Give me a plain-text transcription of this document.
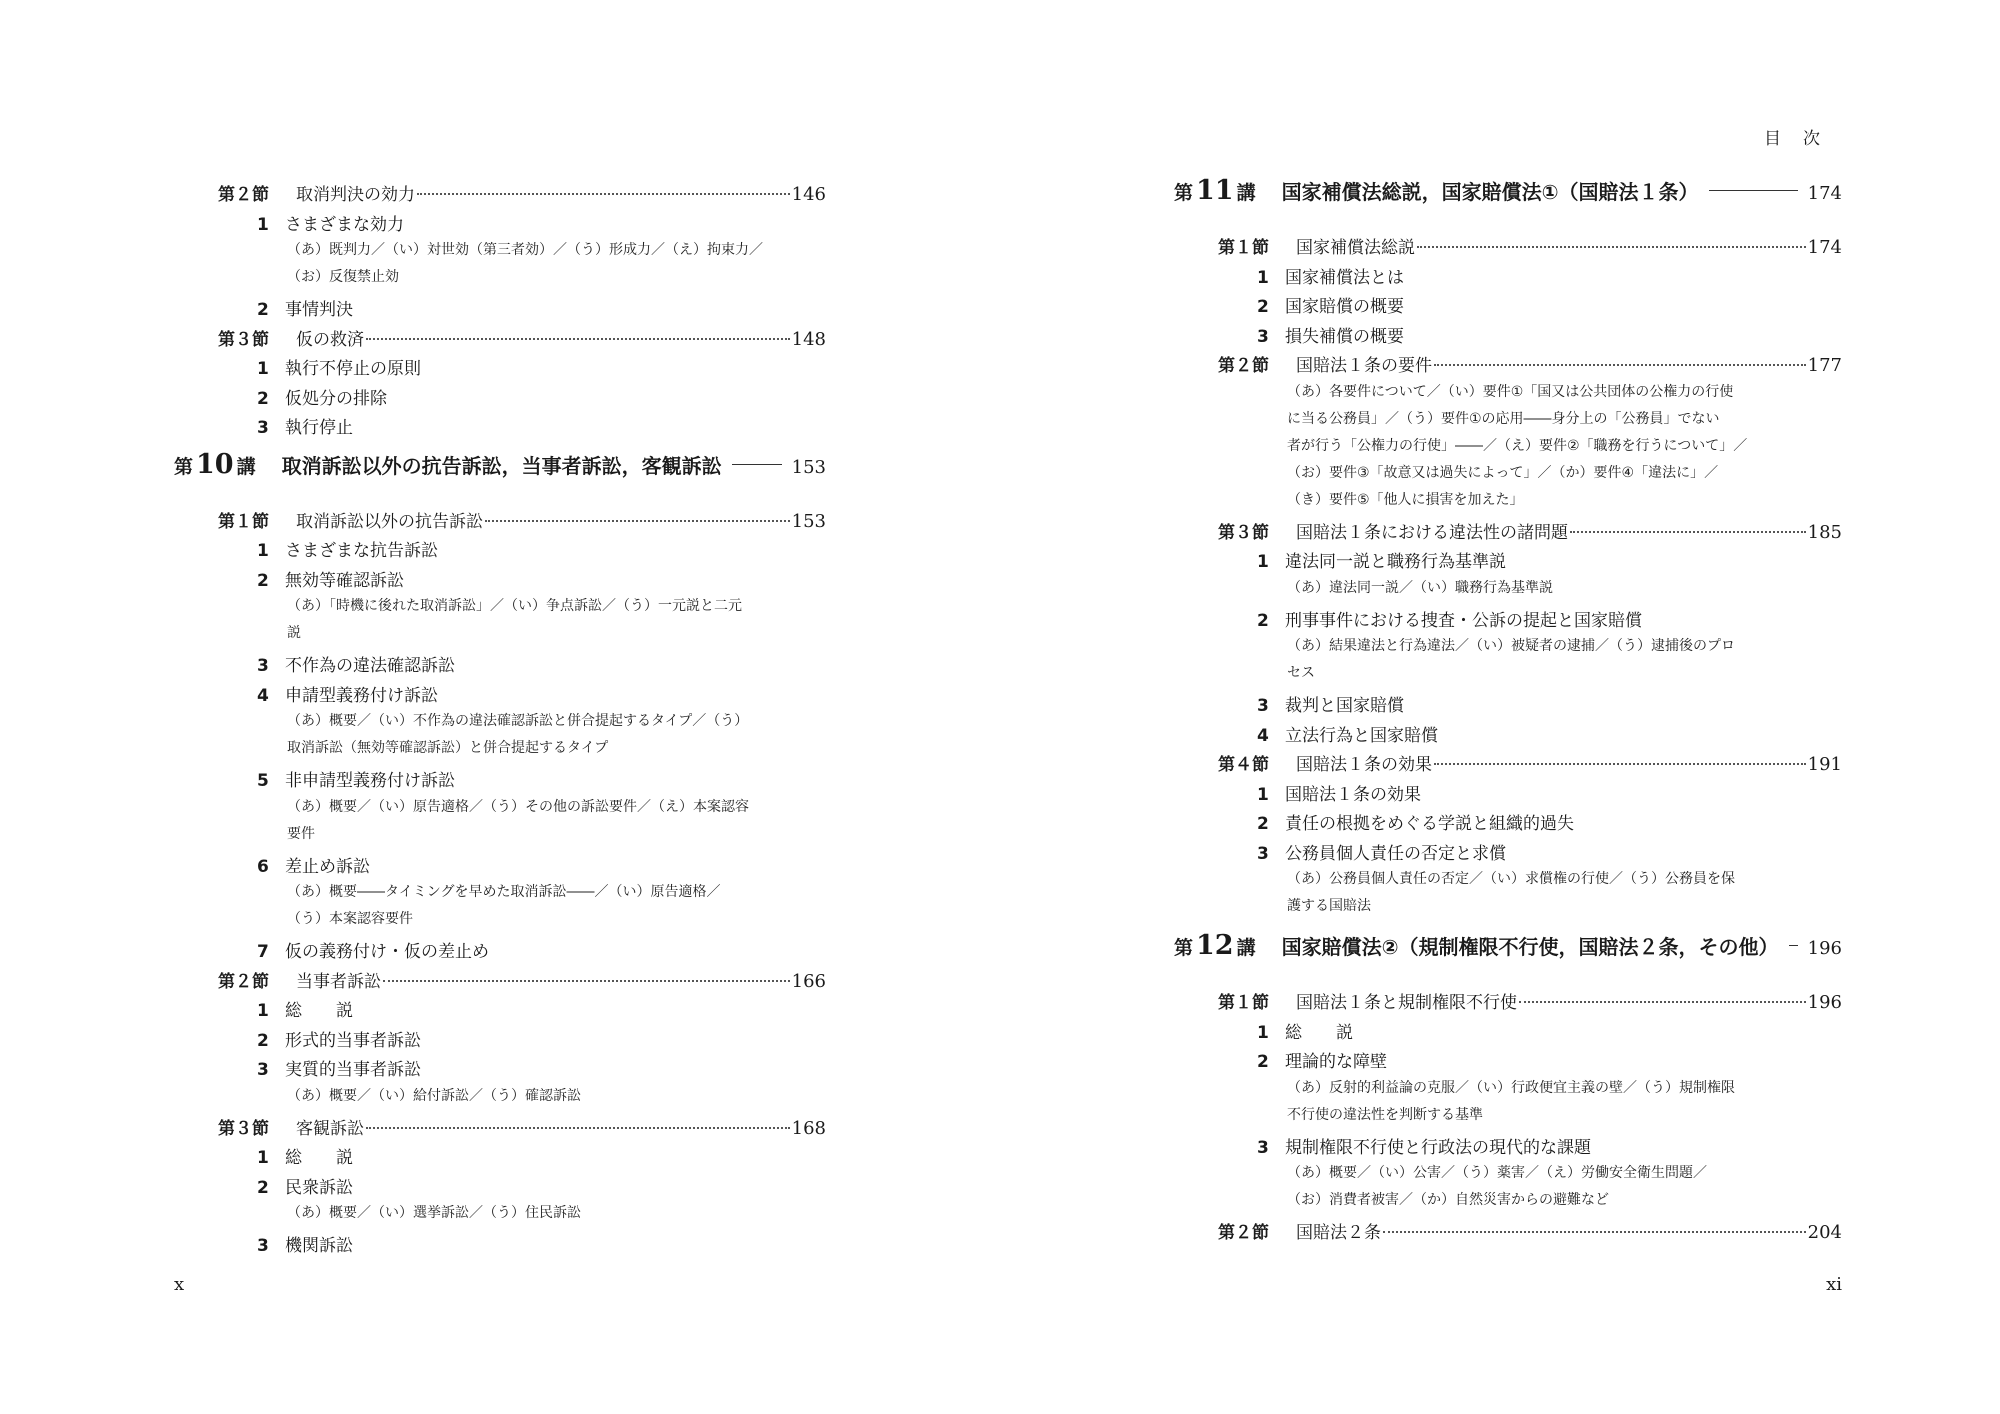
第２節	取消判決の効力	146
1 さまざまな効力
（あ）既判力／（い）対世効（第三者効）／（う）形成力／（え）拘束力／
（お）反復禁止効
2 事情判決
第３節	仮の救済	148
1 執行不停止の原則
2 仮処分の排除
3 執行停止
第 10 講 取消訴訟以外の抗告訴訟，当事者訴訟，客観訴訟	153
第１節	取消訴訟以外の抗告訴訟	153
1 さまざまな抗告訴訟
2 無効等確認訴訟
（あ）「時機に後れた取消訴訟」／（い）争点訴訟／（う）一元説と二元
説
3 不作為の違法確認訴訟
4 申請型義務付け訴訟
（あ）概要／（い）不作為の違法確認訴訟と併合提起するタイプ／（う）
取消訴訟（無効等確認訴訟）と併合提起するタイプ
5 非申請型義務付け訴訟
（あ）概要／（い）原告適格／（う）その他の訴訟要件／（え）本案認容
要件
6 差止め訴訟
（あ）概要――タイミングを早めた取消訴訟――／（い）原告適格／
（う）本案認容要件
7 仮の義務付け・仮の差止め
第２節	当事者訴訟	166
1 総　　説
2 形式的当事者訴訟
3 実質的当事者訴訟
（あ）概要／（い）給付訴訟／（う）確認訴訟
第３節	客観訴訟	168
1 総　　説
2 民衆訴訟
（あ）概要／（い）選挙訴訟／（う）住民訴訟
3 機関訴訟
x
目次
第 11 講 国家補償法総説，国家賠償法①（国賠法１条）	174
第１節	国家補償法総説	174
1 国家補償法とは
2 国家賠償の概要
3 損失補償の概要
第２節	国賠法１条の要件	177
（あ）各要件について／（い）要件①「国又は公共団体の公権力の行使
に当る公務員」／（う）要件①の応用――身分上の「公務員」でない
者が行う「公権力の行使」――／（え）要件②「職務を行うについて」／
（お）要件③「故意又は過失によって」／（か）要件④「違法に」／
（き）要件⑤「他人に損害を加えた」
第３節	国賠法１条における違法性の諸問題	185
1 違法同一説と職務行為基準説
（あ）違法同一説／（い）職務行為基準説
2 刑事事件における捜査・公訴の提起と国家賠償
（あ）結果違法と行為違法／（い）被疑者の逮捕／（う）逮捕後のプロ
セス
3 裁判と国家賠償
4 立法行為と国家賠償
第４節	国賠法１条の効果	191
1 国賠法１条の効果
2 責任の根拠をめぐる学説と組織的過失
3 公務員個人責任の否定と求償
（あ）公務員個人責任の否定／（い）求償権の行使／（う）公務員を保
護する国賠法
第 12 講 国家賠償法②（規制権限不行使，国賠法２条，その他） 196
第１節	国賠法１条と規制権限不行使	196
1 総　　説
2 理論的な障壁
（あ）反射的利益論の克服／（い）行政便宜主義の壁／（う）規制権限
不行使の違法性を判断する基準
3 規制権限不行使と行政法の現代的な課題
（あ）概要／（い）公害／（う）薬害／（え）労働安全衛生問題／
（お）消費者被害／（か）自然災害からの避難など
第２節	国賠法２条	204
xi
